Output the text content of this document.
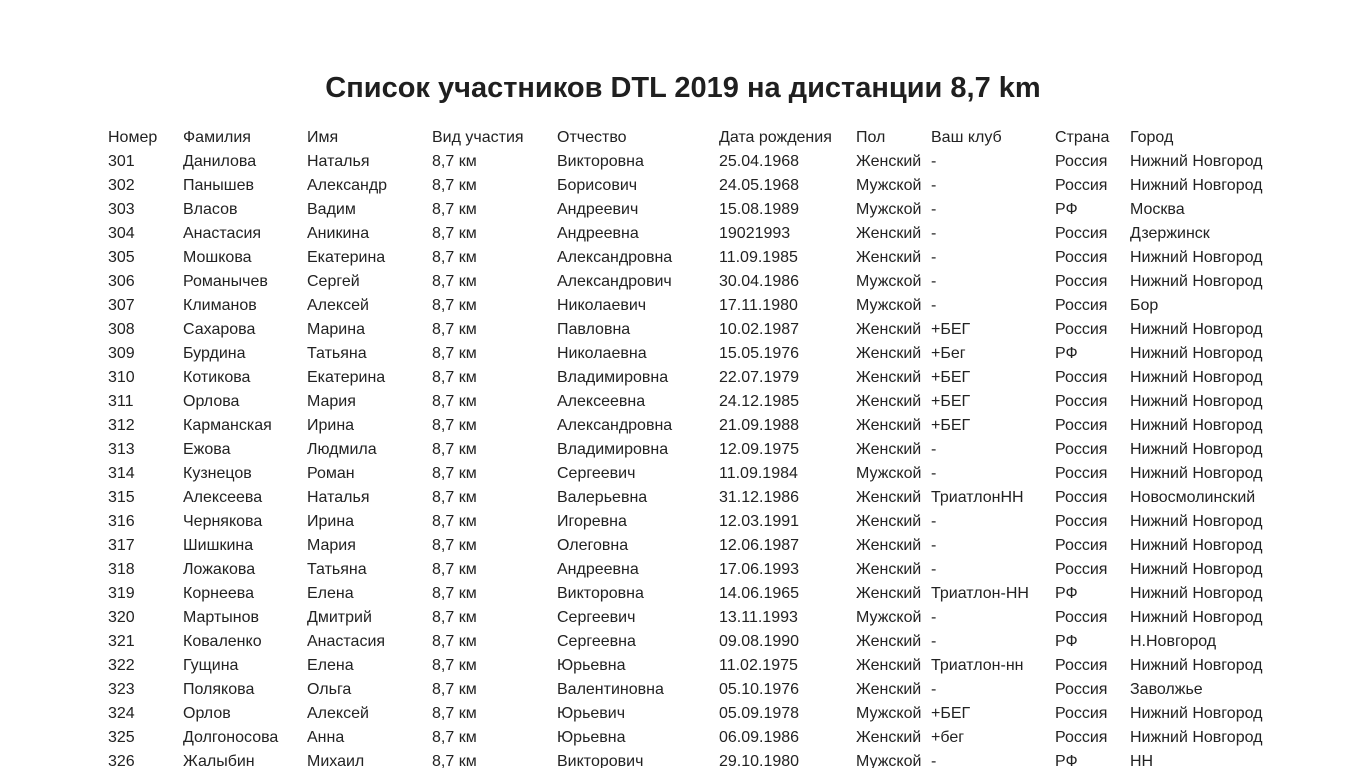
Список участников DTL 2019 на дистанции 8,7 km
Номер	Фамилия	Имя	Вид участия	Отчество	Дата рождения	Пол	Ваш клуб	Страна	Город
301	Данилова	Наталья	8,7 км	Викторовна	25.04.1968	Женский	-	Россия	Нижний Новгород
302	Панышев	Александр	8,7 км	Борисович	24.05.1968	Мужской	-	Россия	Нижний Новгород
303	Власов	Вадим	8,7 км	Андреевич	15.08.1989	Мужской	-	РФ	Москва
304	Анастасия	Аникина	8,7 км	Андреевна	19021993	Женский	-	Россия	Дзержинск
305	Мошкова	Екатерина	8,7 км	Александровна	11.09.1985	Женский	-	Россия	Нижний Новгород
306	Романычев	Сергей	8,7 км	Александрович	30.04.1986	Мужской	-	Россия	Нижний Новгород
307	Климанов	Алексей	8,7 км	Николаевич	17.11.1980	Мужской	-	Россия	Бор
308	Сахарова	Марина	8,7 км	Павловна	10.02.1987	Женский	+БЕГ	Россия	Нижний Новгород
309	Бурдина	Татьяна	8,7 км	Николаевна	15.05.1976	Женский	+Бег	РФ	Нижний Новгород
310	Котикова	Екатерина	8,7 км	Владимировна	22.07.1979	Женский	+БЕГ	Россия	Нижний Новгород
311	Орлова	Мария	8,7 км	Алексеевна	24.12.1985	Женский	+БЕГ	Россия	Нижний Новгород
312	Карманская	Ирина	8,7 км	Александровна	21.09.1988	Женский	+БЕГ	Россия	Нижний Новгород
313	Ежова	Людмила	8,7 км	Владимировна	12.09.1975	Женский	-	Россия	Нижний Новгород
314	Кузнецов	Роман	8,7 км	Сергеевич	11.09.1984	Мужской	-	Россия	Нижний Новгород
315	Алексеева	Наталья	8,7 км	Валерьевна	31.12.1986	Женский	ТриатлонНН	Россия	Новосмолинский
316	Чернякова	Ирина	8,7 км	Игоревна	12.03.1991	Женский	-	Россия	Нижний Новгород
317	Шишкина	Мария	8,7 км	Олеговна	12.06.1987	Женский	-	Россия	Нижний Новгород
318	Ложакова	Татьяна	8,7 км	Андреевна	17.06.1993	Женский	-	Россия	Нижний Новгород
319	Корнеева	Елена	8,7 км	Викторовна	14.06.1965	Женский	Триатлон-НН	РФ	Нижний Новгород
320	Мартынов	Дмитрий	8,7 км	Сергеевич	13.11.1993	Мужской	-	Россия	Нижний Новгород
321	Коваленко	Анастасия	8,7 км	Сергеевна	09.08.1990	Женский	-	РФ	Н.Новгород
322	Гущина	Елена	8,7 км	Юрьевна	11.02.1975	Женский	Триатлон-нн	Россия	Нижний Новгород
323	Полякова	Ольга	8,7 км	Валентиновна	05.10.1976	Женский	-	Россия	Заволжье
324	Орлов	Алексей	8,7 км	Юрьевич	05.09.1978	Мужской	+БЕГ	Россия	Нижний Новгород
325	Долгоносова	Анна	8,7 км	Юрьевна	06.09.1986	Женский	+бег	Россия	Нижний Новгород
326	Жалыбин	Михаил	8,7 км	Викторович	29.10.1980	Мужской	-	РФ	НН
